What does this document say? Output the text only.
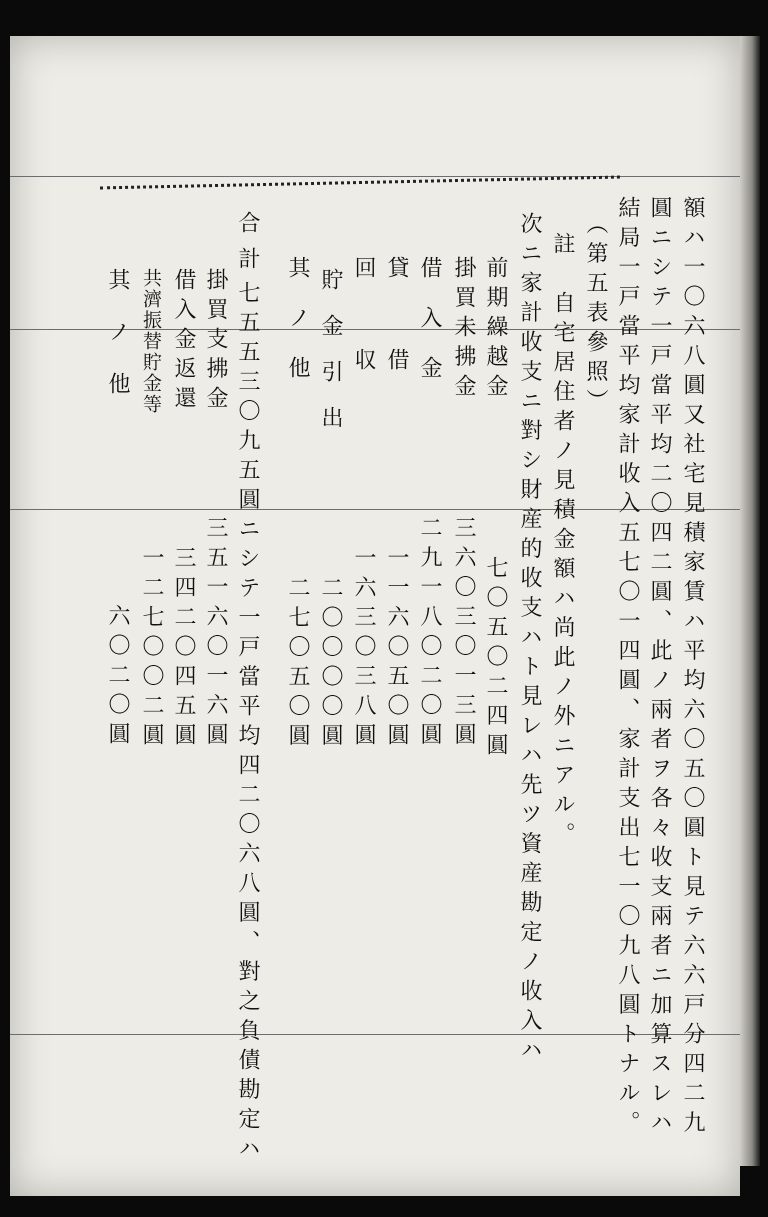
額ハ一〇六八圓又社宅見積家賃ハ平均六〇五〇圓ト見テ六六戸分四二九
圓ニシテ一戸當平均二〇四二圓、此ノ兩者ヲ各々收支兩者ニ加算スレハ
結局一戸當平均家計收入五七〇一四圓、家計支出七一〇九八圓トナル。
（第五表參照）
註　自宅居住者ノ見積金額ハ尚此ノ外ニアル。
次ニ家計收支ニ對シ財産的收支ハト見レハ先ツ資産勘定ノ收入ハ
前期繰越金
掛買未拂金
借入金
貸借
回収
貯金引出
其ノ他
七〇五〇二四圓
三六〇三〇一三圓
二九一八〇二〇圓
一一六〇五〇圓
一六三〇三八圓
二〇〇〇〇圓
二七〇五〇圓
合計
七五五三〇九五圓ニシテ一戸當平均四二〇六八圓、對之負債勘定ハ
掛買支拂金
借入金返還
共濟振替貯金等
其ノ他
三五一六〇一六圓
三四二〇四五圓
一二七〇〇二圓
六〇二〇圓
